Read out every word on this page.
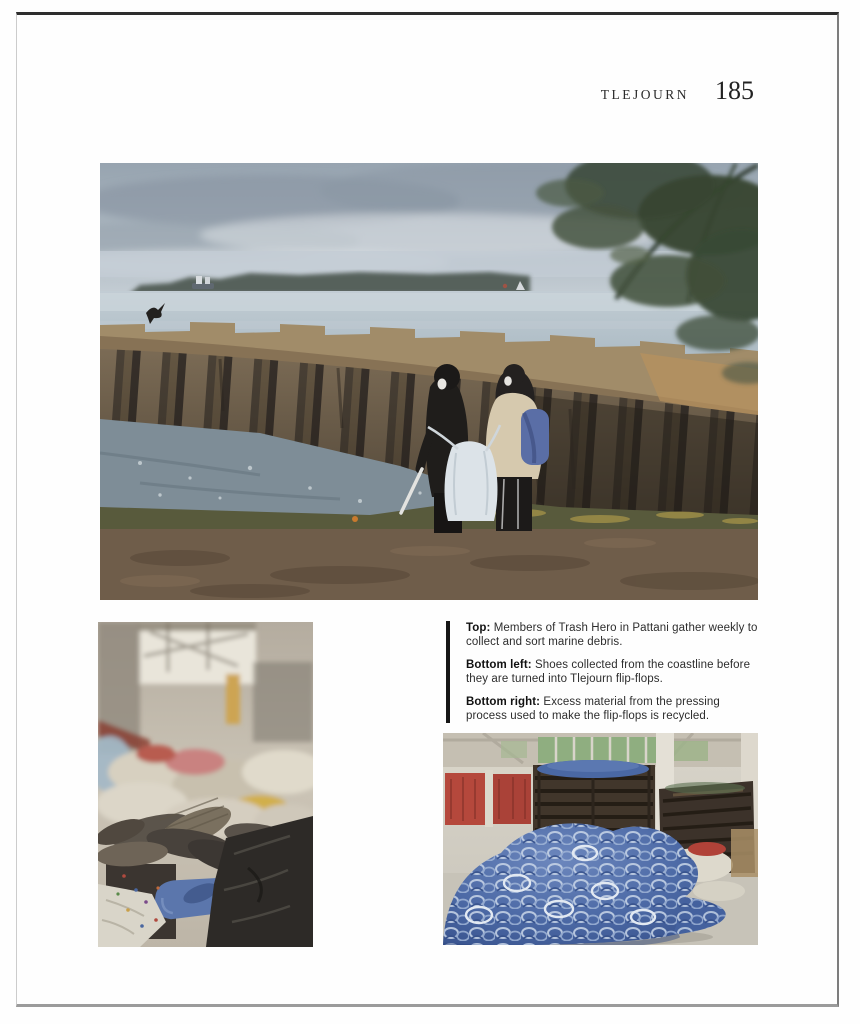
TLEJOURN 185

Top: Members of Trash Hero in Pattani gather weekly to collect and sort marine debris.

Bottom left: Shoes collected from the coastline before they are turned into Tlejourn flip-flops.

Bottom right: Excess material from the pressing process used to make the flip-flops is recycled.
